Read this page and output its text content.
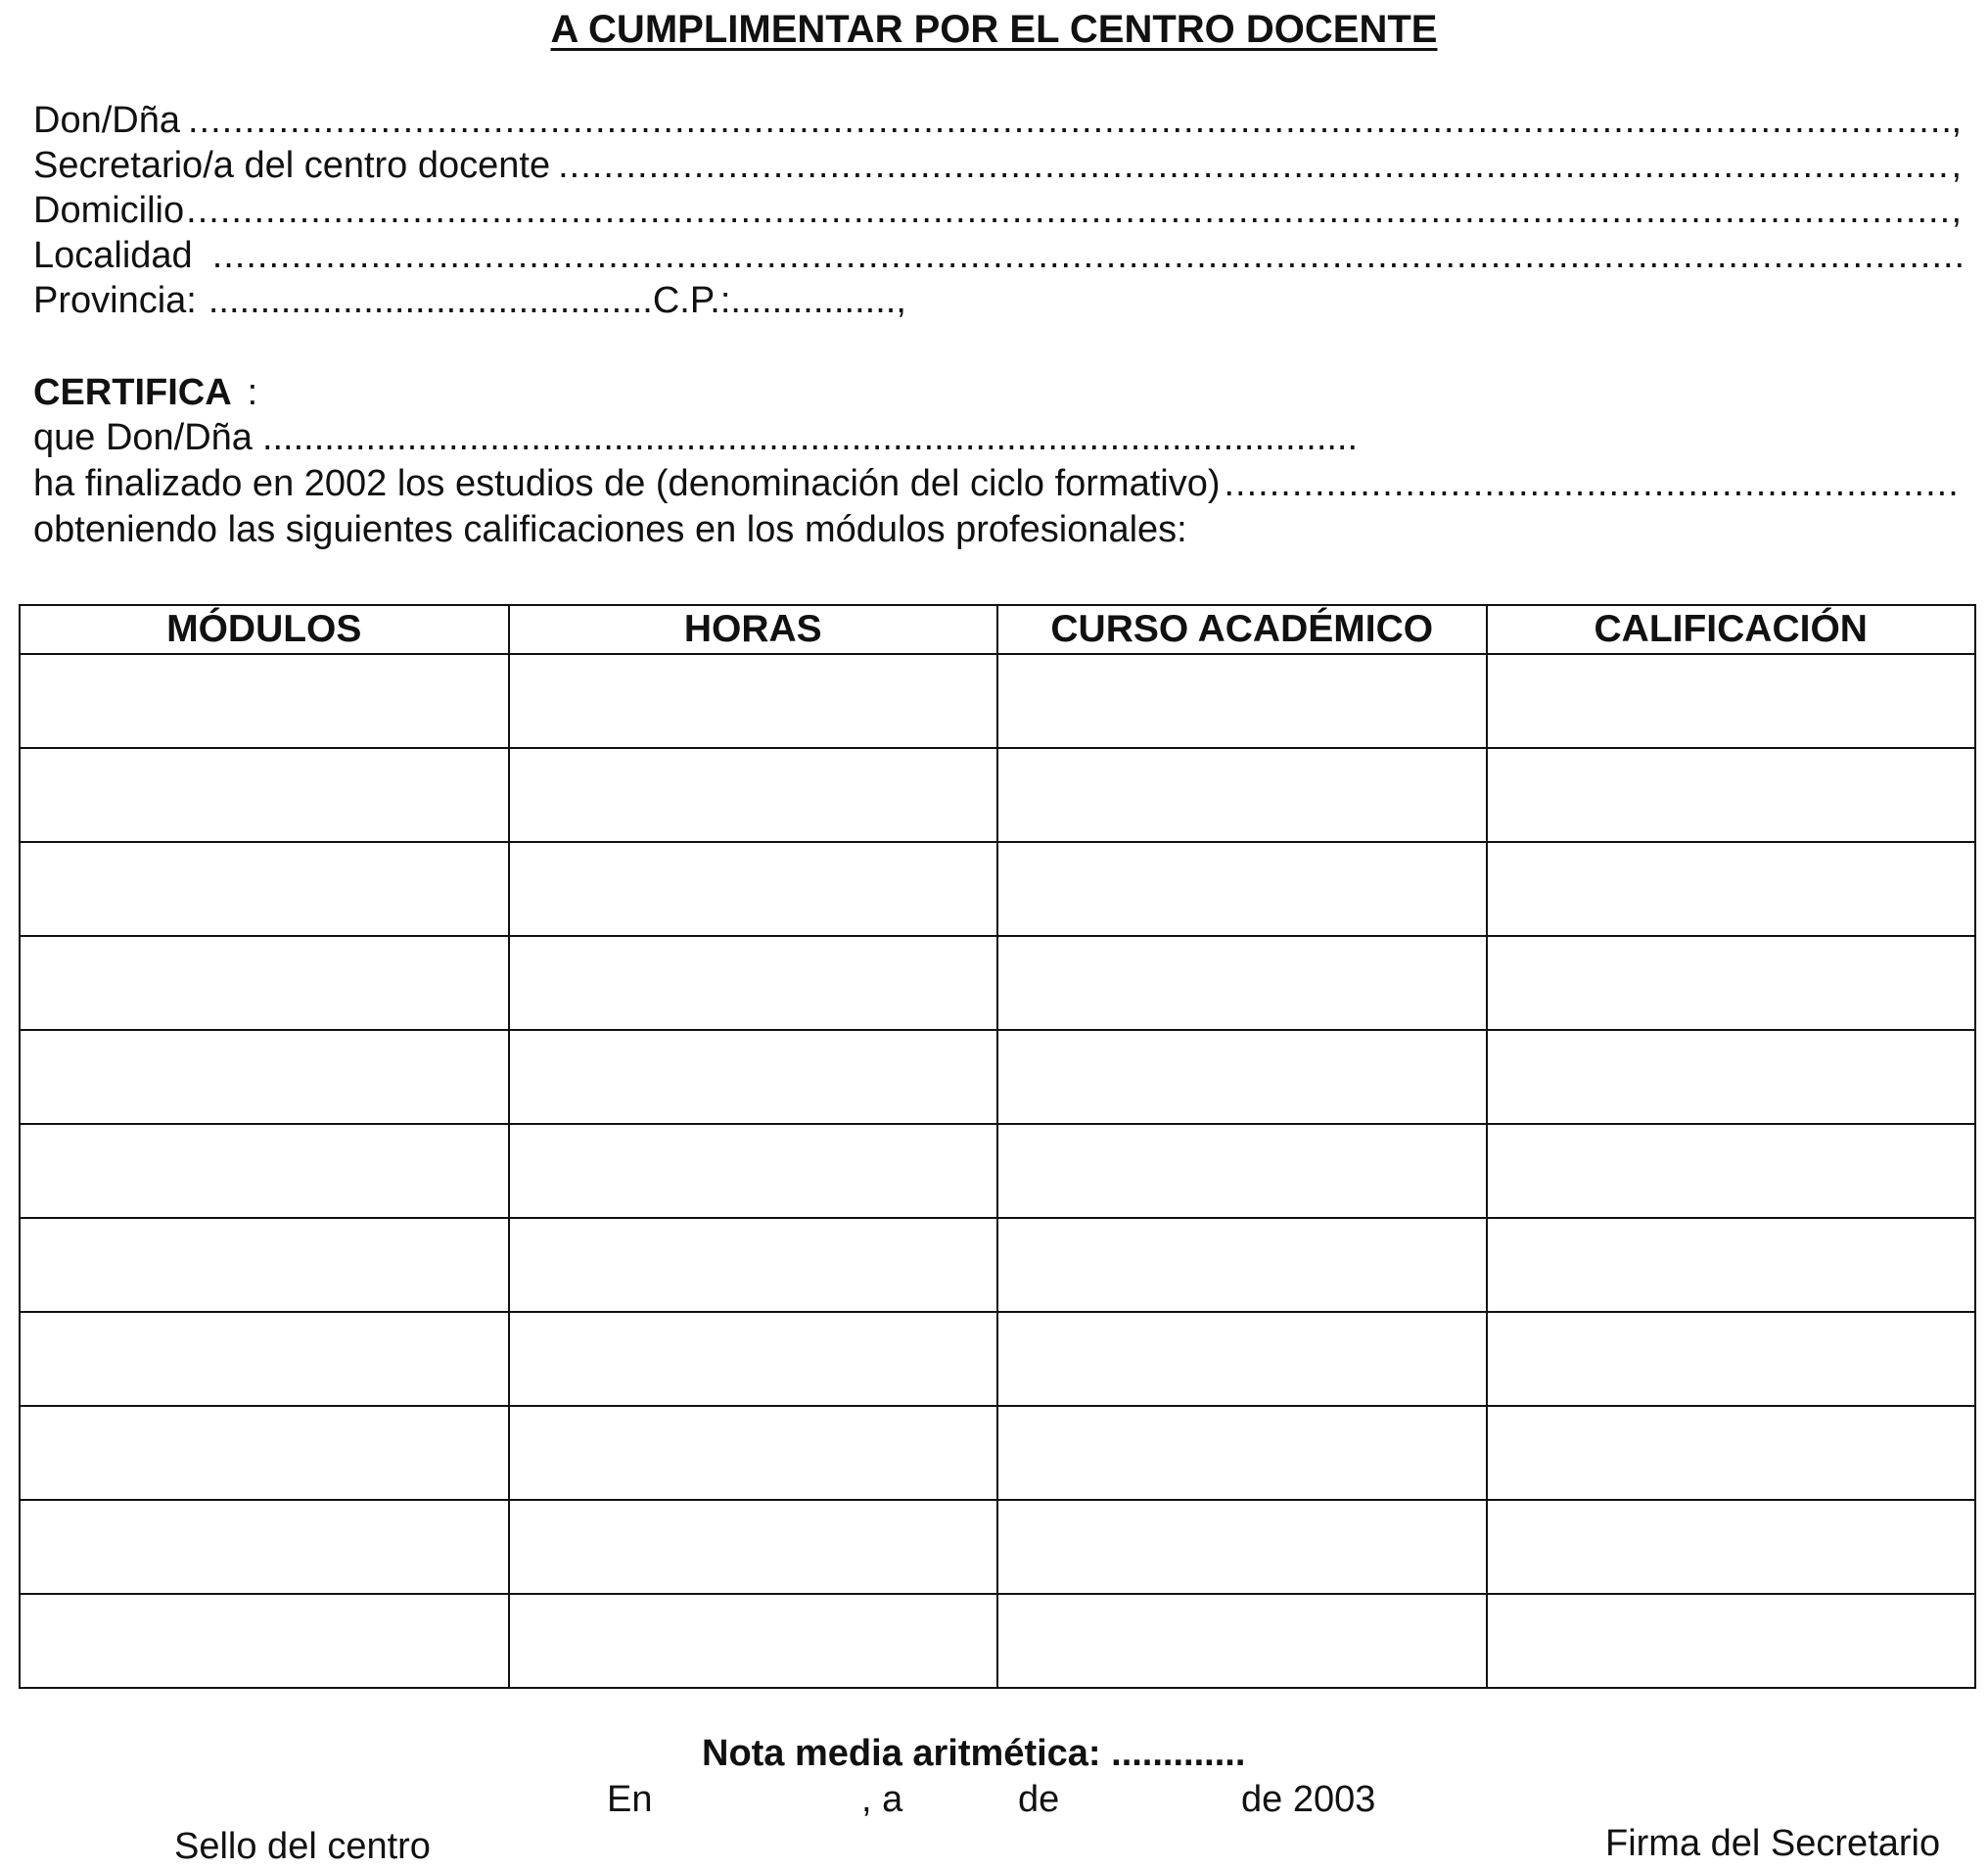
A CUMPLIMENTAR POR EL CENTRO DOCENTE
Don/Dña .....	,
Secretario/a del centro docente .....	,
Domicilio .....	,
Localidad
.....
Provincia: ........................................... C.P.: ................,
CERTIFICA :
que Don/Dña ..........................................................................................................
ha finalizado en 2002 los estudios de (denominación del ciclo formativo)
.....
obteniendo las siguientes calificaciones en los módulos profesionales:
MÓDULOS	HORAS	CURSO ACADÉMICO	CALIFICACIÓN

Nota media aritmética: .............
En	, a	de	de 2003
Sello del centro	Firma del Secretario
